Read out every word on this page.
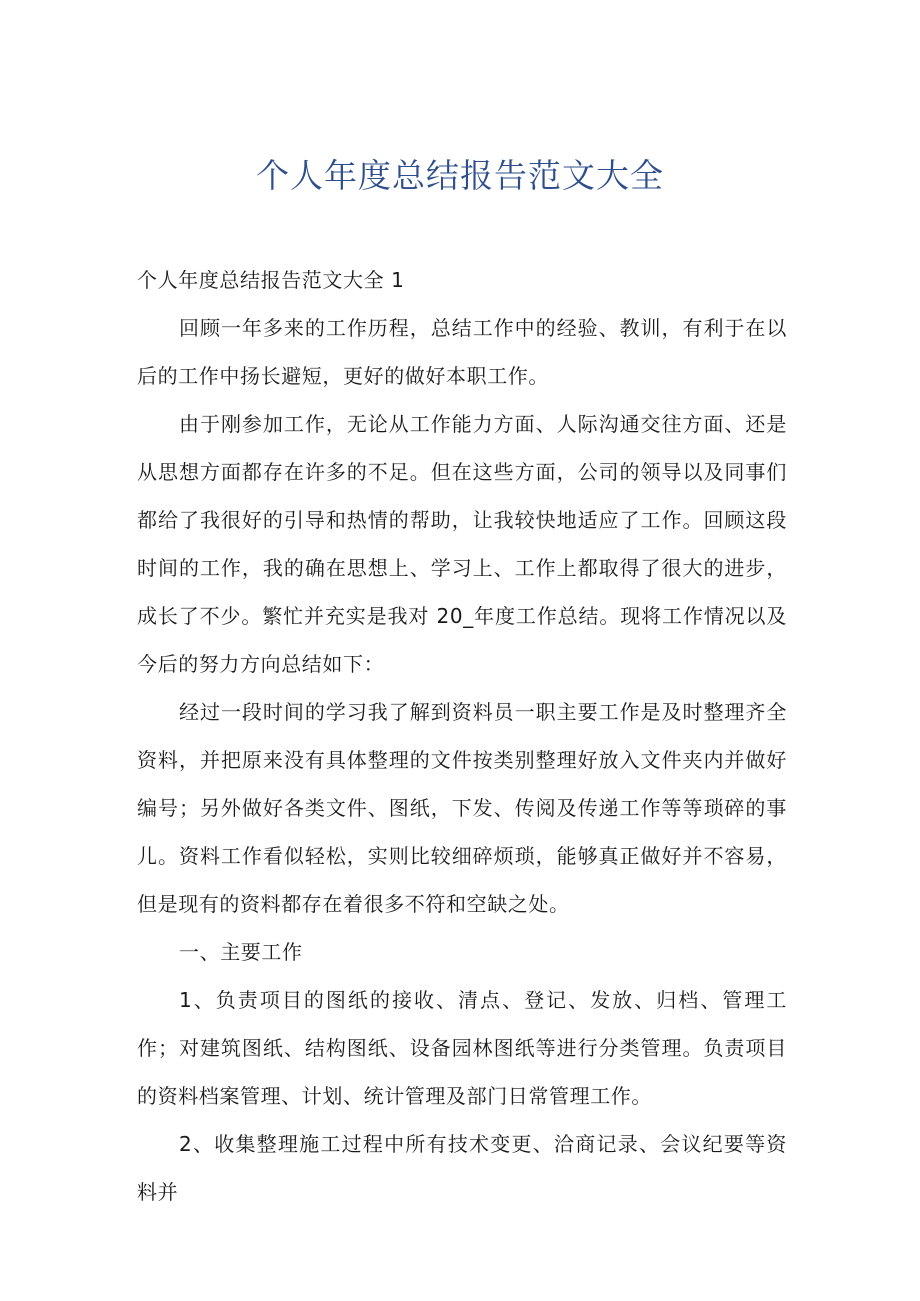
个人年度总结报告范文大全

个人年度总结报告范文大全 1

回顾一年多来的工作历程，总结工作中的经验、教训，有利于在以后的工作中扬长避短，更好的做好本职工作。

由于刚参加工作，无论从工作能力方面、人际沟通交往方面、还是从思想方面都存在许多的不足。但在这些方面，公司的领导以及同事们都给了我很好的引导和热情的帮助，让我较快地适应了工作。回顾这段时间的工作，我的确在思想上、学习上、工作上都取得了很大的进步，成长了不少。繁忙并充实是我对 20_年度工作总结。现将工作情况以及今后的努力方向总结如下：

经过一段时间的学习我了解到资料员一职主要工作是及时整理齐全资料，并把原来没有具体整理的文件按类别整理好放入文件夹内并做好编号；另外做好各类文件、图纸，下发、传阅及传递工作等等琐碎的事儿。资料工作看似轻松，实则比较细碎烦琐，能够真正做好并不容易，但是现有的资料都存在着很多不符和空缺之处。

一、主要工作

1、负责项目的图纸的接收、清点、登记、发放、归档、管理工作；对建筑图纸、结构图纸、设备园林图纸等进行分类管理。负责项目的资料档案管理、计划、统计管理及部门日常管理工作。

2、收集整理施工过程中所有技术变更、洽商记录、会议纪要等资料并
